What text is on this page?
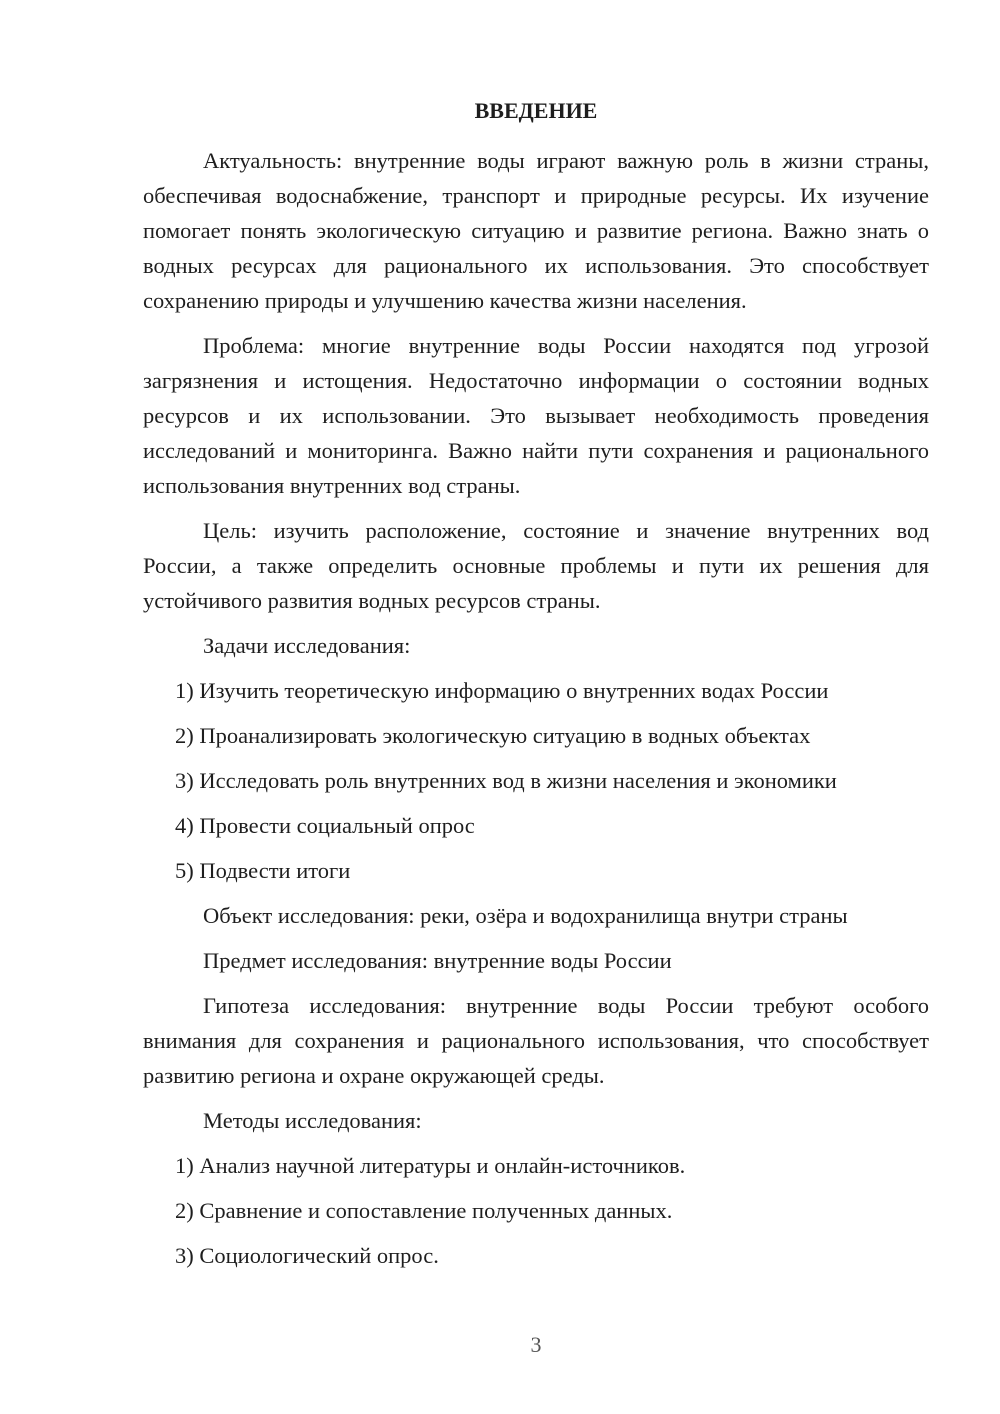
ВВЕДЕНИЕ

Актуальность: внутренние воды играют важную роль в жизни страны, обеспечивая водоснабжение, транспорт и природные ресурсы. Их изучение помогает понять экологическую ситуацию и развитие региона. Важно знать о водных ресурсах для рационального их использования. Это способствует сохранению природы и улучшению качества жизни населения.

Проблема: многие внутренние воды России находятся под угрозой загрязнения и истощения. Недостаточно информации о состоянии водных ресурсов и их использовании. Это вызывает необходимость проведения исследований и мониторинга. Важно найти пути сохранения и рационального использования внутренних вод страны.

Цель: изучить расположение, состояние и значение внутренних вод России, а также определить основные проблемы и пути их решения для устойчивого развития водных ресурсов страны.

Задачи исследования:
1) Изучить теоретическую информацию о внутренних водах России
2) Проанализировать экологическую ситуацию в водных объектах
3) Исследовать роль внутренних вод в жизни населения и экономики
4) Провести социальный опрос
5) Подвести итоги
Объект исследования: реки, озёра и водохранилища внутри страны
Предмет исследования: внутренние воды России

Гипотеза исследования: внутренние воды России требуют особого внимания для сохранения и рационального использования, что способствует развитию региона и охране окружающей среды.

Методы исследования:
1) Анализ научной литературы и онлайн-источников.
2) Сравнение и сопоставление полученных данных.
3) Социологический опрос.
3
